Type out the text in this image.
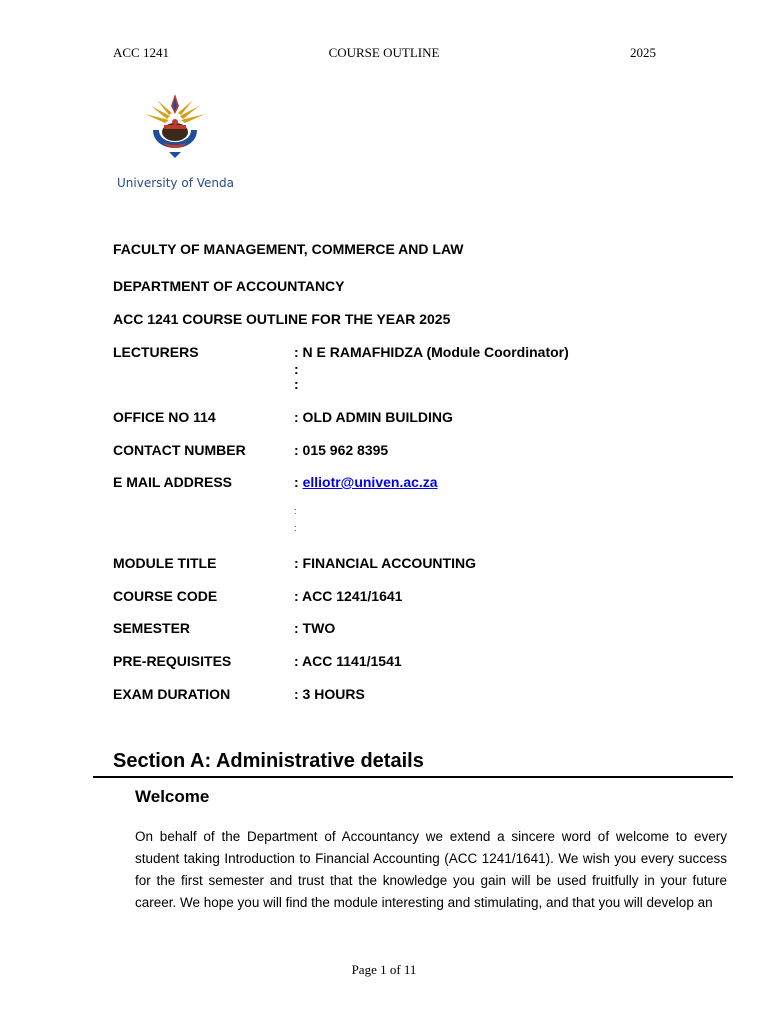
ACC 1241	COURSE OUTLINE	2025
University of Venda
FACULTY OF MANAGEMENT, COMMERCE AND LAW
DEPARTMENT OF ACCOUNTANCY
ACC 1241 COURSE OUTLINE FOR THE YEAR 2025
LECTURERS	: N E RAMAFHIDZA (Module Coordinator)
:
:
OFFICE NO 114	: OLD ADMIN BUILDING
CONTACT NUMBER	: 015 962 8395
E MAIL ADDRESS	: elliotr@univen.ac.za
:
:
MODULE TITLE	: FINANCIAL ACCOUNTING
COURSE CODE	: ACC 1241/1641
SEMESTER	: TWO
PRE-REQUISITES	: ACC 1141/1541
EXAM DURATION	: 3 HOURS
Section A: Administrative details
Welcome
On behalf of the Department of Accountancy we extend a sincere word of welcome to every student taking Introduction to Financial Accounting (ACC 1241/1641). We wish you every success for the first semester and trust that the knowledge you gain will be used fruitfully in your future career. We hope you will find the module interesting and stimulating, and that you will develop an
Page 1 of 11
